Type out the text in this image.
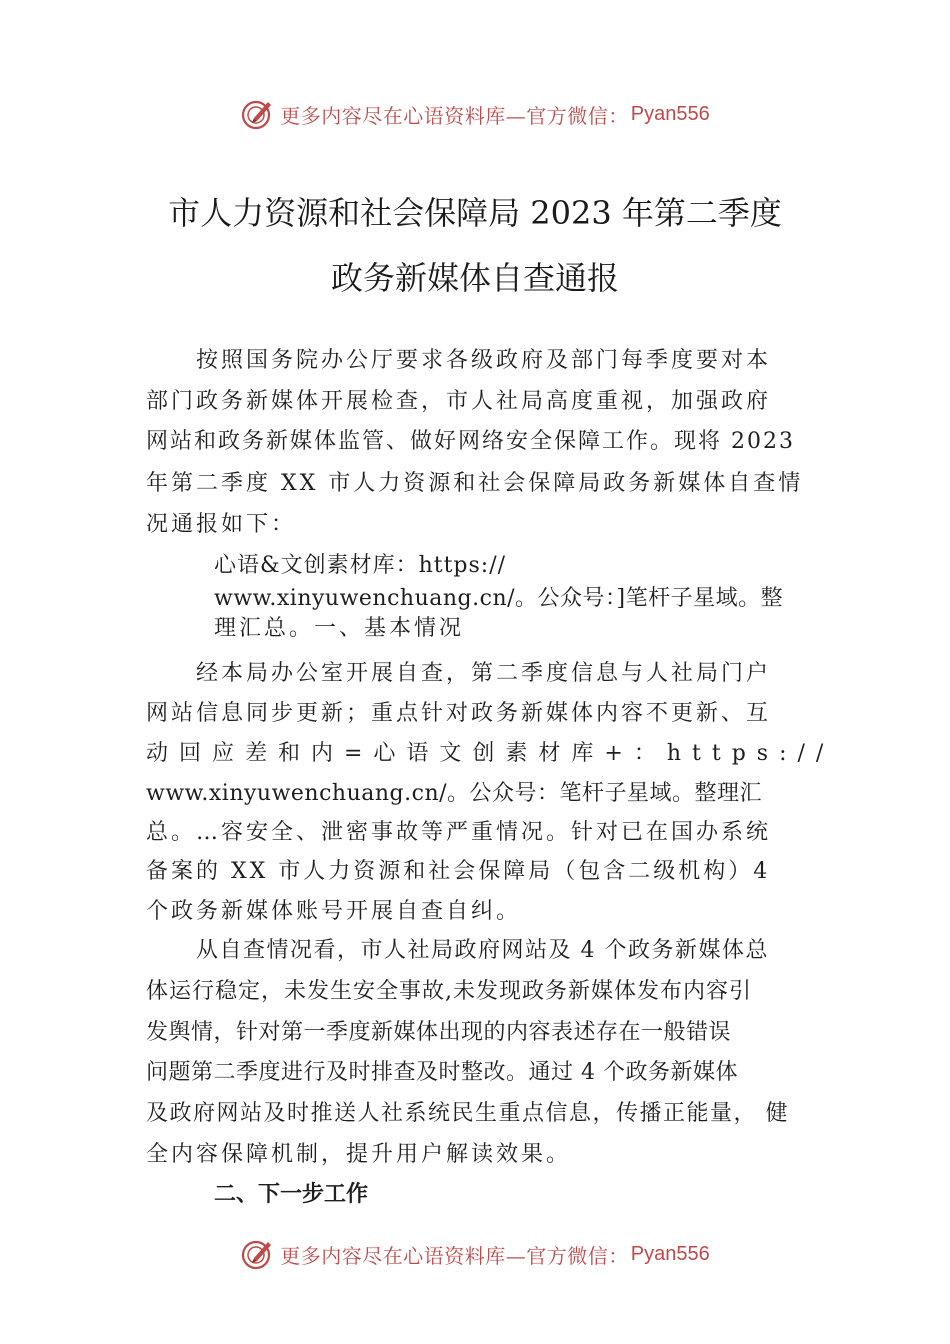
更多内容尽在心语资料库—官方微信： Pyan556
市人力资源和社会保障局 2023 年第二季度
政务新媒体自查通报
按照国务院办公厅要求各级政府及部门每季度要对本
部门政务新媒体开展检查，市人社局高度重视，加强政府
网站和政务新媒体监管、做好网络安全保障工作。现将 2023
年第二季度 XX 市人力资源和社会保障局政务新媒体自查情
况通报如下：
心语&文创素材库：https://
www.xinyuwenchuang.cn/。公众号：]笔杆子星域。整
理汇总。一、基本情况
经本局办公室开展自查，第二季度信息与人社局门户
网站信息同步更新；重点针对政务新媒体内容不更新、互
动回应差和内=心语文创素材库+：https://
www.xinyuwenchuang.cn/。公众号：笔杆子星域。整理汇
总。…容安全、泄密事故等严重情况。针对已在国办系统
备案的 XX 市人力资源和社会保障局（包含二级机构）4
个政务新媒体账号开展自查自纠。
从自查情况看，市人社局政府网站及 4 个政务新媒体总
体运行稳定，未发生安全事故,未发现政务新媒体发布内容引
发舆情，针对第一季度新媒体出现的内容表述存在一般错误
问题第二季度进行及时排查及时整改。通过 4 个政务新媒体
及政府网站及时推送人社系统民生重点信息，传播正能量， 健
全内容保障机制，提升用户解读效果。
二、下一步工作
更多内容尽在心语资料库—官方微信： Pyan556
